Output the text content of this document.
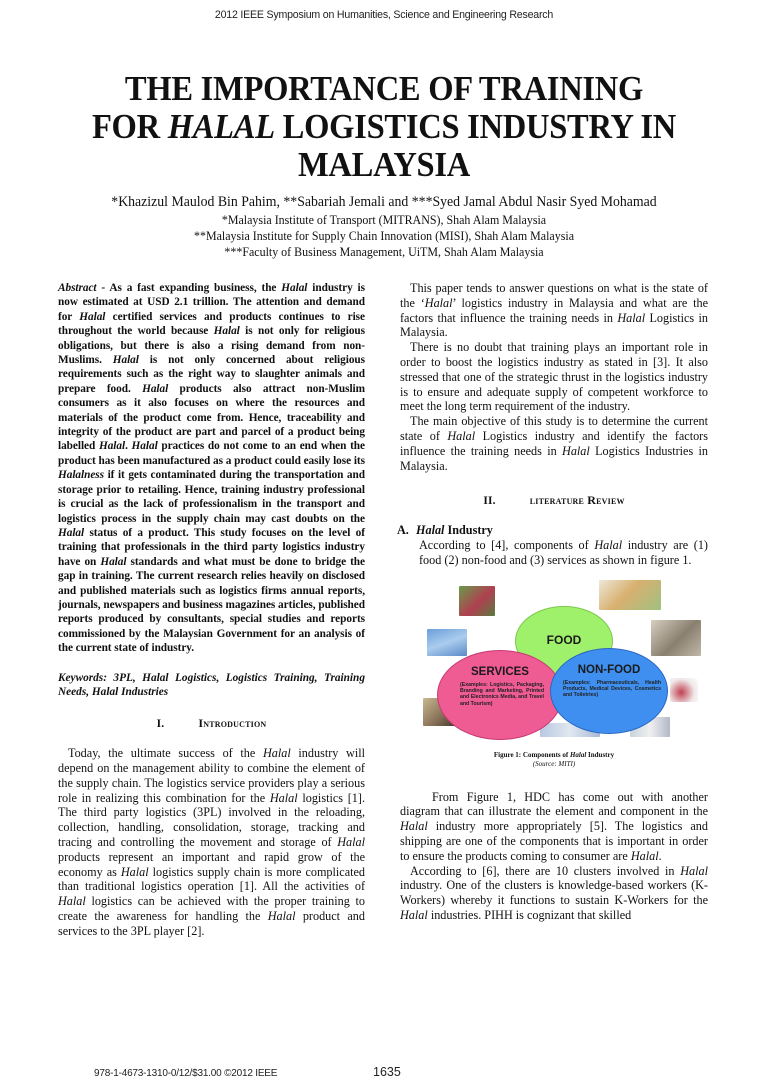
2012 IEEE Symposium on Humanities, Science and Engineering Research
THE IMPORTANCE OF TRAINING
FOR HALAL LOGISTICS INDUSTRY IN
MALAYSIA
*Khazizul Maulod Bin Pahim, **Sabariah Jemali and ***Syed Jamal Abdul Nasir Syed Mohamad
*Malaysia Institute of Transport (MITRANS), Shah Alam Malaysia
**Malaysia Institute for Supply Chain Innovation (MISI), Shah Alam Malaysia
***Faculty of Business Management, UiTM, Shah Alam Malaysia
Abstract - As a fast expanding business, the Halal industry is now estimated at USD 2.1 trillion. The attention and demand for Halal certified services and products continues to rise throughout the world because Halal is not only for religious obligations, but there is also a rising demand from non-Muslims. Halal is not only concerned about religious requirements such as the right way to slaughter animals and prepare food. Halal products also attract non-Muslim consumers as it also focuses on where the resources and materials of the product come from. Hence, traceability and integrity of the product are part and parcel of a product being labelled Halal. Halal practices do not come to an end when the product has been manufactured as a product could easily lose its Halalness if it gets contaminated during the transportation and storage prior to retailing. Hence, training industry professional is crucial as the lack of professionalism in the transport and logistics process in the supply chain may cast doubts on the Halal status of a product. This study focuses on the level of training that professionals in the third party logistics industry have on Halal standards and what must be done to bridge the gap in training. The current research relies heavily on disclosed and published materials such as logistics firms annual reports, journals, newspapers and business magazines articles, published reports produced by consultants, special studies and reports commissioned by the Malaysian Government for an analysis of the current state of industry.
Keywords: 3PL, Halal Logistics, Logistics Training, Training Needs, Halal Industries
I.	Introduction

Today, the ultimate success of the Halal industry will depend on the management ability to combine the element of the supply chain. The logistics service providers play a serious role in realizing this combination for the Halal logistics [1]. The third party logistics (3PL) involved in the reloading, collection, handling, consolidation, storage, tracking and tracing and controlling the movement and storage of Halal products represent an important and rapid grow of the economy as Halal logistics supply chain is more complicated than traditional logistics operation [1]. All the activities of Halal logistics can be achieved with the proper training to create the awareness for handling the Halal product and services to the 3PL player [2].

This paper tends to answer questions on what is the state of the ‘Halal’ logistics industry in Malaysia and what are the factors that influence the training needs in Halal Logistics in Malaysia.

There is no doubt that training plays an important role in order to boost the logistics industry as stated in [3]. It also stressed that one of the strategic thrust in the logistics industry is to ensure and adequate supply of competent workforce to meet the long term requirement of the industry.

The main objective of this study is to determine the current state of Halal Logistics industry and identify the factors influence the training needs in Halal Logistics Industries in Malaysia.

II.	literature Review
A. Halal Industry
According to [4], components of Halal industry are (1) food (2) non-food and (3) services as shown in figure 1.
FOOD
SERVICES
(Examples: Logistics, Packaging, Branding and Marketing, Printed and Electronics Media, and Travel and Tourism)
NON-FOOD
(Examples: Pharmaceuticals, Health Products, Medical Devices, Cosmetics and Toiletries)
Figure 1: Components of Halal Industry
(Source: MITI)

From Figure 1, HDC has come out with another diagram that can illustrate the element and component in the Halal industry more appropriately [5]. The logistics and shipping are one of the components that is important in order to ensure the products coming to consumer are Halal.

According to [6], there are 10 clusters involved in Halal industry. One of the clusters is knowledge-based workers (K-Workers) whereby it functions to sustain K-Workers for the Halal industries. PIHH is cognizant that skilled

978-1-4673-1310-0/12/$31.00 ©2012 IEEE	1635
